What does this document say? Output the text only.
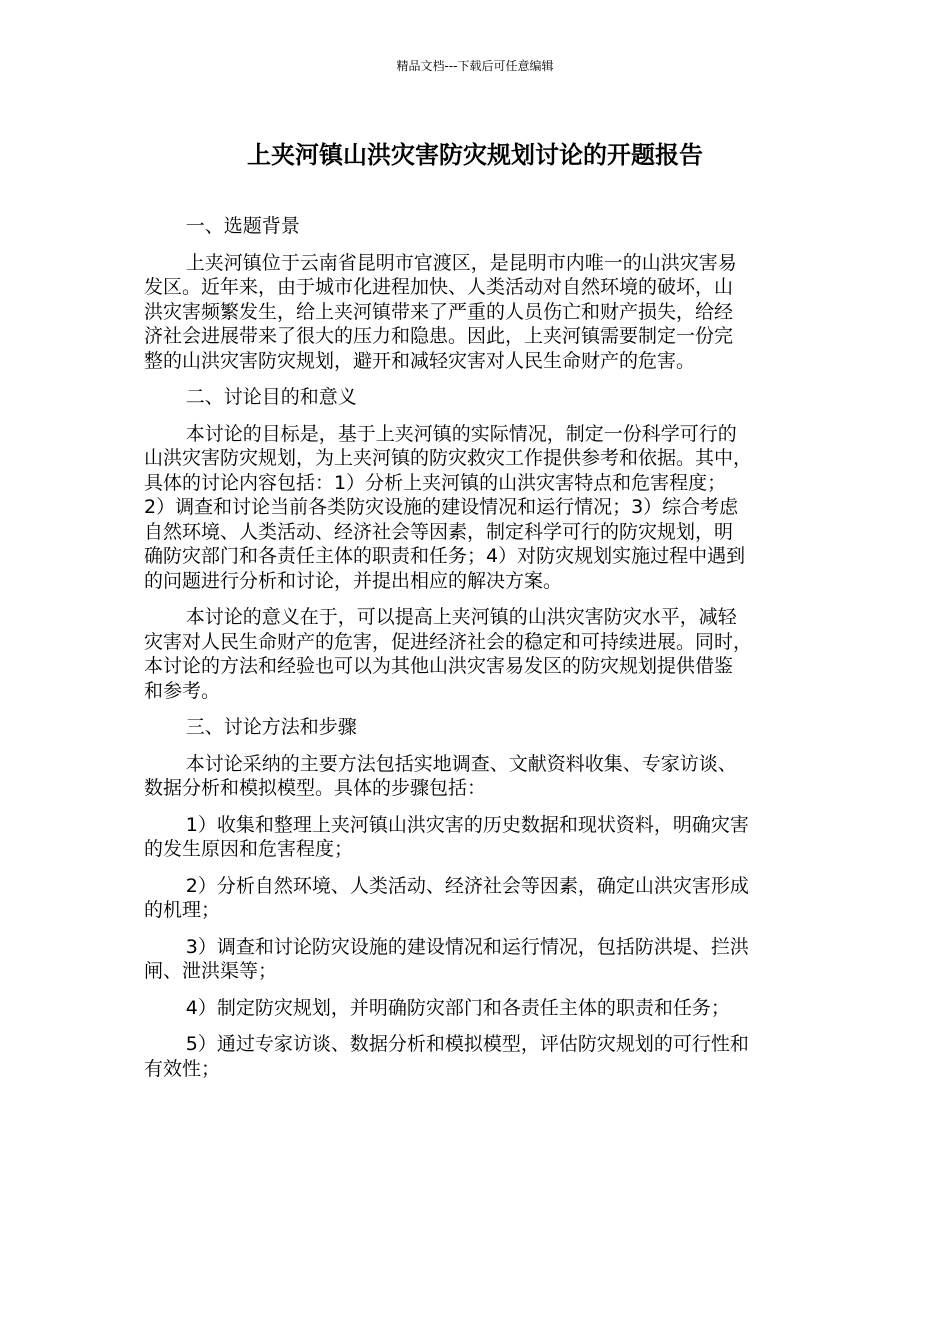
精品文档---下载后可任意编辑
上夹河镇山洪灾害防灾规划讨论的开题报告

一、选题背景

上夹河镇位于云南省昆明市官渡区，是昆明市内唯一的山洪灾害易
发区。近年来，由于城市化进程加快、人类活动对自然环境的破坏，山
洪灾害频繁发生，给上夹河镇带来了严重的人员伤亡和财产损失，给经
济社会进展带来了很大的压力和隐患。因此，上夹河镇需要制定一份完
整的山洪灾害防灾规划，避开和减轻灾害对人民生命财产的危害。

二、讨论目的和意义

本讨论的目标是，基于上夹河镇的实际情况，制定一份科学可行的
山洪灾害防灾规划，为上夹河镇的防灾救灾工作提供参考和依据。其中，
具体的讨论内容包括：1）分析上夹河镇的山洪灾害特点和危害程度；
2）调查和讨论当前各类防灾设施的建设情况和运行情况；3）综合考虑
自然环境、人类活动、经济社会等因素，制定科学可行的防灾规划，明
确防灾部门和各责任主体的职责和任务；4）对防灾规划实施过程中遇到
的问题进行分析和讨论，并提出相应的解决方案。

本讨论的意义在于，可以提高上夹河镇的山洪灾害防灾水平，减轻
灾害对人民生命财产的危害，促进经济社会的稳定和可持续进展。同时，
本讨论的方法和经验也可以为其他山洪灾害易发区的防灾规划提供借鉴
和参考。

三、讨论方法和步骤

本讨论采纳的主要方法包括实地调查、文献资料收集、专家访谈、
数据分析和模拟模型。具体的步骤包括：

1）收集和整理上夹河镇山洪灾害的历史数据和现状资料，明确灾害
的发生原因和危害程度；

2）分析自然环境、人类活动、经济社会等因素，确定山洪灾害形成
的机理；

3）调查和讨论防灾设施的建设情况和运行情况，包括防洪堤、拦洪
闸、泄洪渠等；

4）制定防灾规划，并明确防灾部门和各责任主体的职责和任务；

5）通过专家访谈、数据分析和模拟模型，评估防灾规划的可行性和
有效性；
